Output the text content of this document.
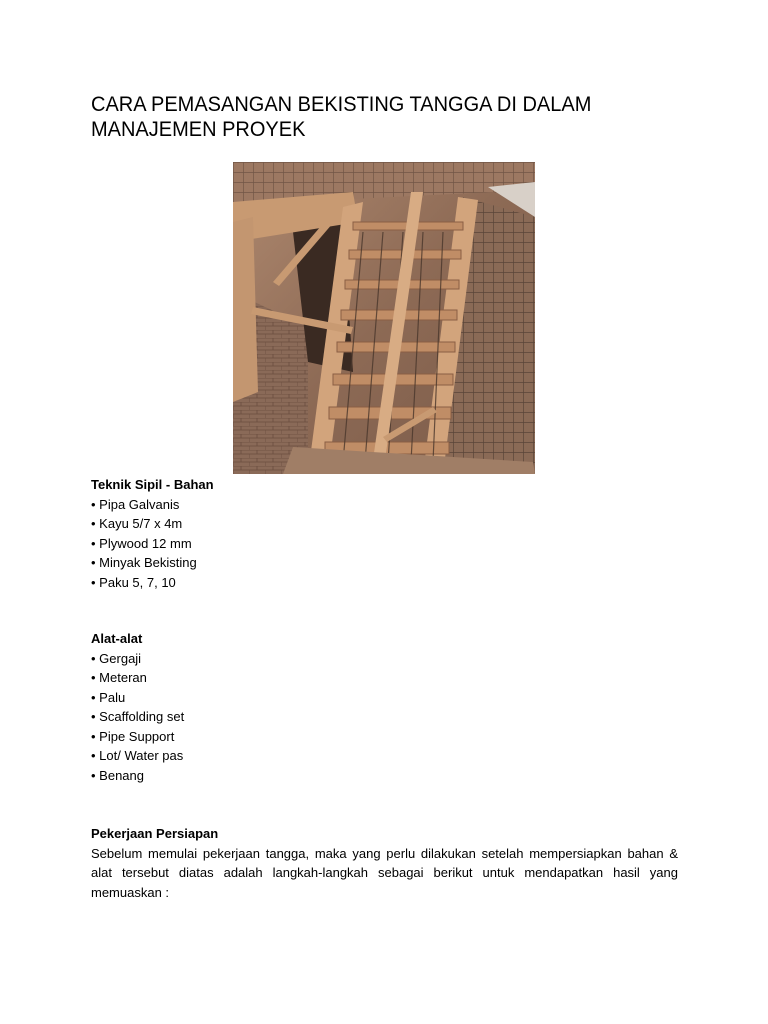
CARA PEMASANGAN BEKISTING TANGGA DI DALAM
MANAJEMEN PROYEK
Teknik Sipil - Bahan
• Pipa Galvanis
• Kayu 5/7 x 4m
• Plywood 12 mm
• Minyak Bekisting
• Paku 5, 7, 10
Alat-alat
• Gergaji
• Meteran
• Palu
• Scaffolding set
• Pipe Support
• Lot/ Water pas
• Benang
Pekerjaan Persiapan
Sebelum memulai pekerjaan tangga, maka yang perlu dilakukan setelah mempersiapkan bahan & alat tersebut diatas adalah langkah-langkah sebagai berikut untuk mendapatkan hasil yang memuaskan :
